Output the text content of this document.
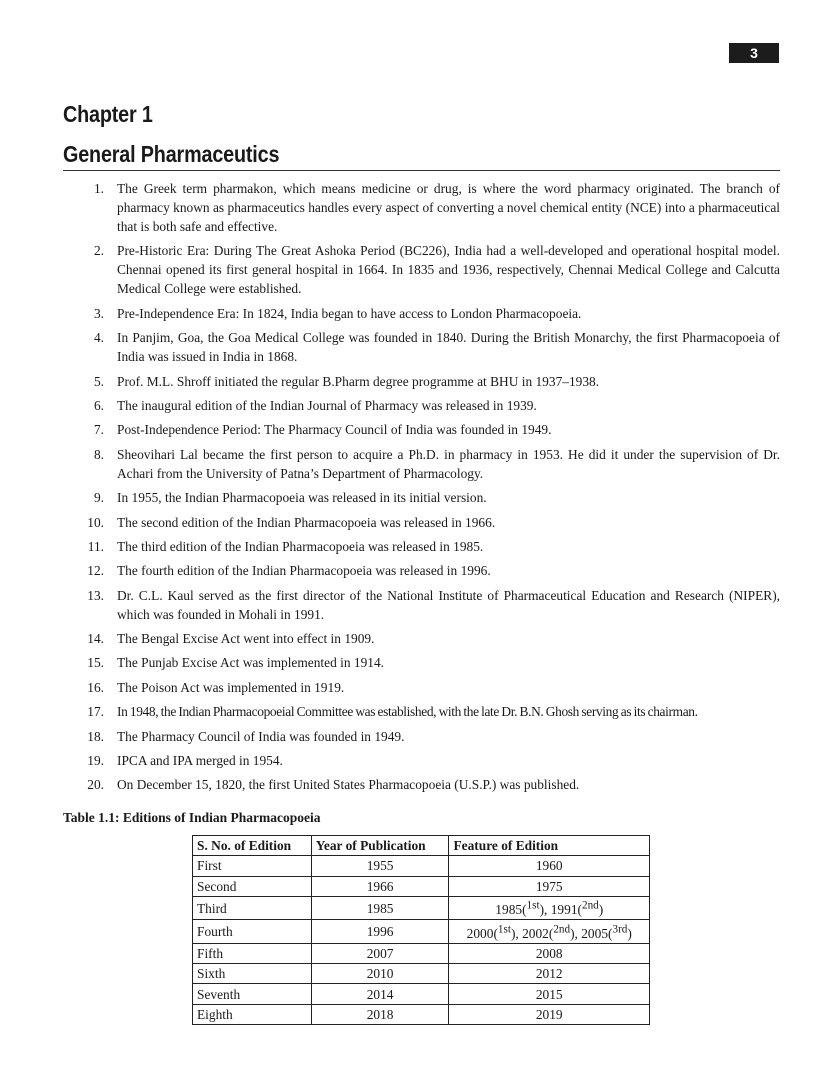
3
Chapter 1
General Pharmaceutics
1. The Greek term pharmakon, which means medicine or drug, is where the word pharmacy originated. The branch of pharmacy known as pharmaceutics handles every aspect of converting a novel chemical entity (NCE) into a pharmaceutical that is both safe and effective.
2. Pre-Historic Era: During The Great Ashoka Period (BC226), India had a well-developed and operational hospital model. Chennai opened its first general hospital in 1664. In 1835 and 1936, respectively, Chennai Medical College and Calcutta Medical College were established.
3. Pre-Independence Era: In 1824, India began to have access to London Pharmacopoeia.
4. In Panjim, Goa, the Goa Medical College was founded in 1840. During the British Monarchy, the first Pharmacopoeia of India was issued in India in 1868.
5. Prof. M.L. Shroff initiated the regular B.Pharm degree programme at BHU in 1937–1938.
6. The inaugural edition of the Indian Journal of Pharmacy was released in 1939.
7. Post-Independence Period: The Pharmacy Council of India was founded in 1949.
8. Sheovihari Lal became the first person to acquire a Ph.D. in pharmacy in 1953. He did it under the supervision of Dr. Achari from the University of Patna’s Department of Pharmacology.
9. In 1955, the Indian Pharmacopoeia was released in its initial version.
10. The second edition of the Indian Pharmacopoeia was released in 1966.
11. The third edition of the Indian Pharmacopoeia was released in 1985.
12. The fourth edition of the Indian Pharmacopoeia was released in 1996.
13. Dr. C.L. Kaul served as the first director of the National Institute of Pharmaceutical Education and Research (NIPER), which was founded in Mohali in 1991.
14. The Bengal Excise Act went into effect in 1909.
15. The Punjab Excise Act was implemented in 1914.
16. The Poison Act was implemented in 1919.
17. In 1948, the Indian Pharmacopoeial Committee was established, with the late Dr. B.N. Ghosh serving as its chairman.
18. The Pharmacy Council of India was founded in 1949.
19. IPCA and IPA merged in 1954.
20. On December 15, 1820, the first United States Pharmacopoeia (U.S.P.) was published.

Table 1.1: Editions of Indian Pharmacopoeia

S. No. of Edition	Year of Publication	Feature of Edition
First	1955	1960
Second	1966	1975
Third	1985	1985($^{1st}$), 1991($^{2nd}$)
Fourth	1996	2000($^{1st}$), 2002($^{2nd}$), 2005($^{3rd}$)
Fifth	2007	2008
Sixth	2010	2012
Seventh	2014	2015
Eighth	2018	2019
